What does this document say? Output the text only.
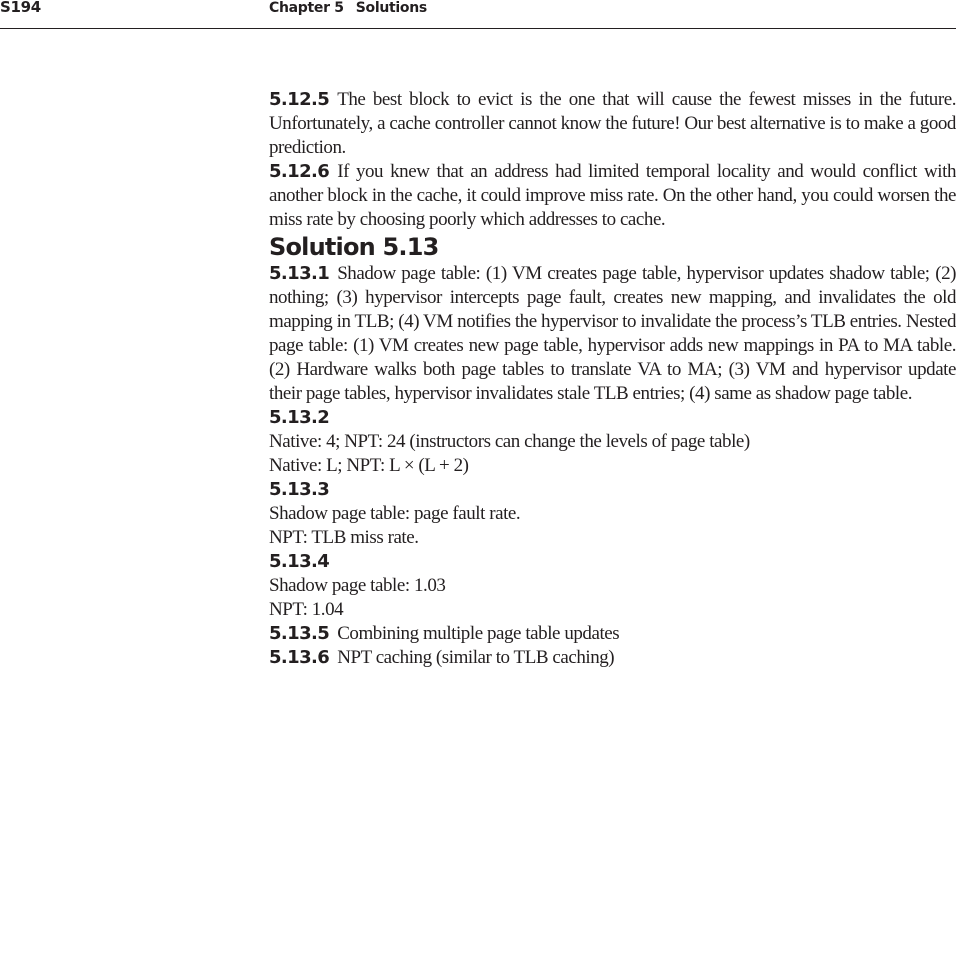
S194	Chapter 5 Solutions

5.12.5 The best block to evict is the one that will cause the fewest misses in the future. Unfortunately, a cache controller cannot know the future! Our best alternative is to make a good prediction.

5.12.6 If you knew that an address had limited temporal locality and would conflict with another block in the cache, it could improve miss rate. On the other hand, you could worsen the miss rate by choosing poorly which addresses to cache.

Solution 5.13

5.13.1 Shadow page table: (1) VM creates page table, hypervisor updates shadow table; (2) nothing; (3) hypervisor intercepts page fault, creates new mapping, and invalidates the old mapping in TLB; (4) VM notifies the hypervisor to invalidate the process’s TLB entries. Nested page table: (1) VM creates new page table, hypervisor adds new mappings in PA to MA table. (2) Hardware walks both page tables to translate VA to MA; (3) VM and hypervisor update their page tables, hypervisor invalidates stale TLB entries; (4) same as shadow page table.

5.13.2

Native: 4; NPT: 24 (instructors can change the levels of page table)

Native: L; NPT: L × (L + 2)

5.13.3

Shadow page table: page fault rate.

NPT: TLB miss rate.

5.13.4

Shadow page table: 1.03

NPT: 1.04

5.13.5 Combining multiple page table updates

5.13.6 NPT caching (similar to TLB caching)
